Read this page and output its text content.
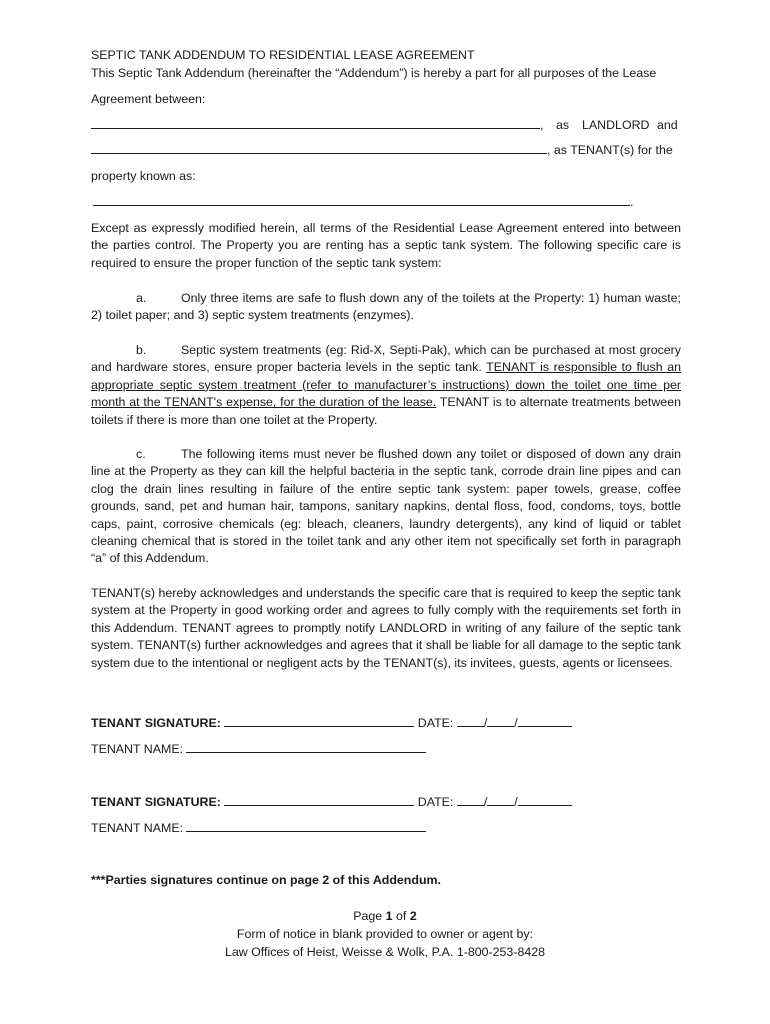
SEPTIC TANK ADDENDUM TO RESIDENTIAL LEASE AGREEMENT
This Septic Tank Addendum (hereinafter the “Addendum”) is hereby a part for all purposes of the Lease
Agreement between:
, as LANDLORD and
, as TENANT(s) for the
property known as:
.
Except as expressly modified herein, all terms of the Residential Lease Agreement entered into between the parties control. The Property you are renting has a septic tank system. The following specific care is required to ensure the proper function of the septic tank system:
a.	Only three items are safe to flush down any of the toilets at the Property: 1) human waste; 2) toilet paper; and 3) septic system treatments (enzymes).
b.	Septic system treatments (eg: Rid-X, Septi-Pak), which can be purchased at most grocery and hardware stores, ensure proper bacteria levels in the septic tank. TENANT is responsible to flush an appropriate septic system treatment (refer to manufacturer’s instructions) down the toilet one time per month at the TENANT's expense, for the duration of the lease. TENANT is to alternate treatments between toilets if there is more than one toilet at the Property.
c.	The following items must never be flushed down any toilet or disposed of down any drain line at the Property as they can kill the helpful bacteria in the septic tank, corrode drain line pipes and can clog the drain lines resulting in failure of the entire septic tank system: paper towels, grease, coffee grounds, sand, pet and human hair, tampons, sanitary napkins, dental floss, food, condoms, toys, bottle caps, paint, corrosive chemicals (eg: bleach, cleaners, laundry detergents), any kind of liquid or tablet cleaning chemical that is stored in the toilet tank and any other item not specifically set forth in paragraph “a” of this Addendum.
TENANT(s) hereby acknowledges and understands the specific care that is required to keep the septic tank system at the Property in good working order and agrees to fully comply with the requirements set forth in this Addendum. TENANT agrees to promptly notify LANDLORD in writing of any failure of the septic tank system. TENANT(s) further acknowledges and agrees that it shall be liable for all damage to the septic tank system due to the intentional or negligent acts by the TENANT(s), its invitees, guests, agents or licensees.
TENANT SIGNATURE:	DATE: / /
TENANT NAME:
TENANT SIGNATURE:	DATE: / /
TENANT NAME:
***Parties signatures continue on page 2 of this Addendum.
Page 1 of 2
Form of notice in blank provided to owner or agent by:
Law Offices of Heist, Weisse & Wolk, P.A. 1-800-253-8428
